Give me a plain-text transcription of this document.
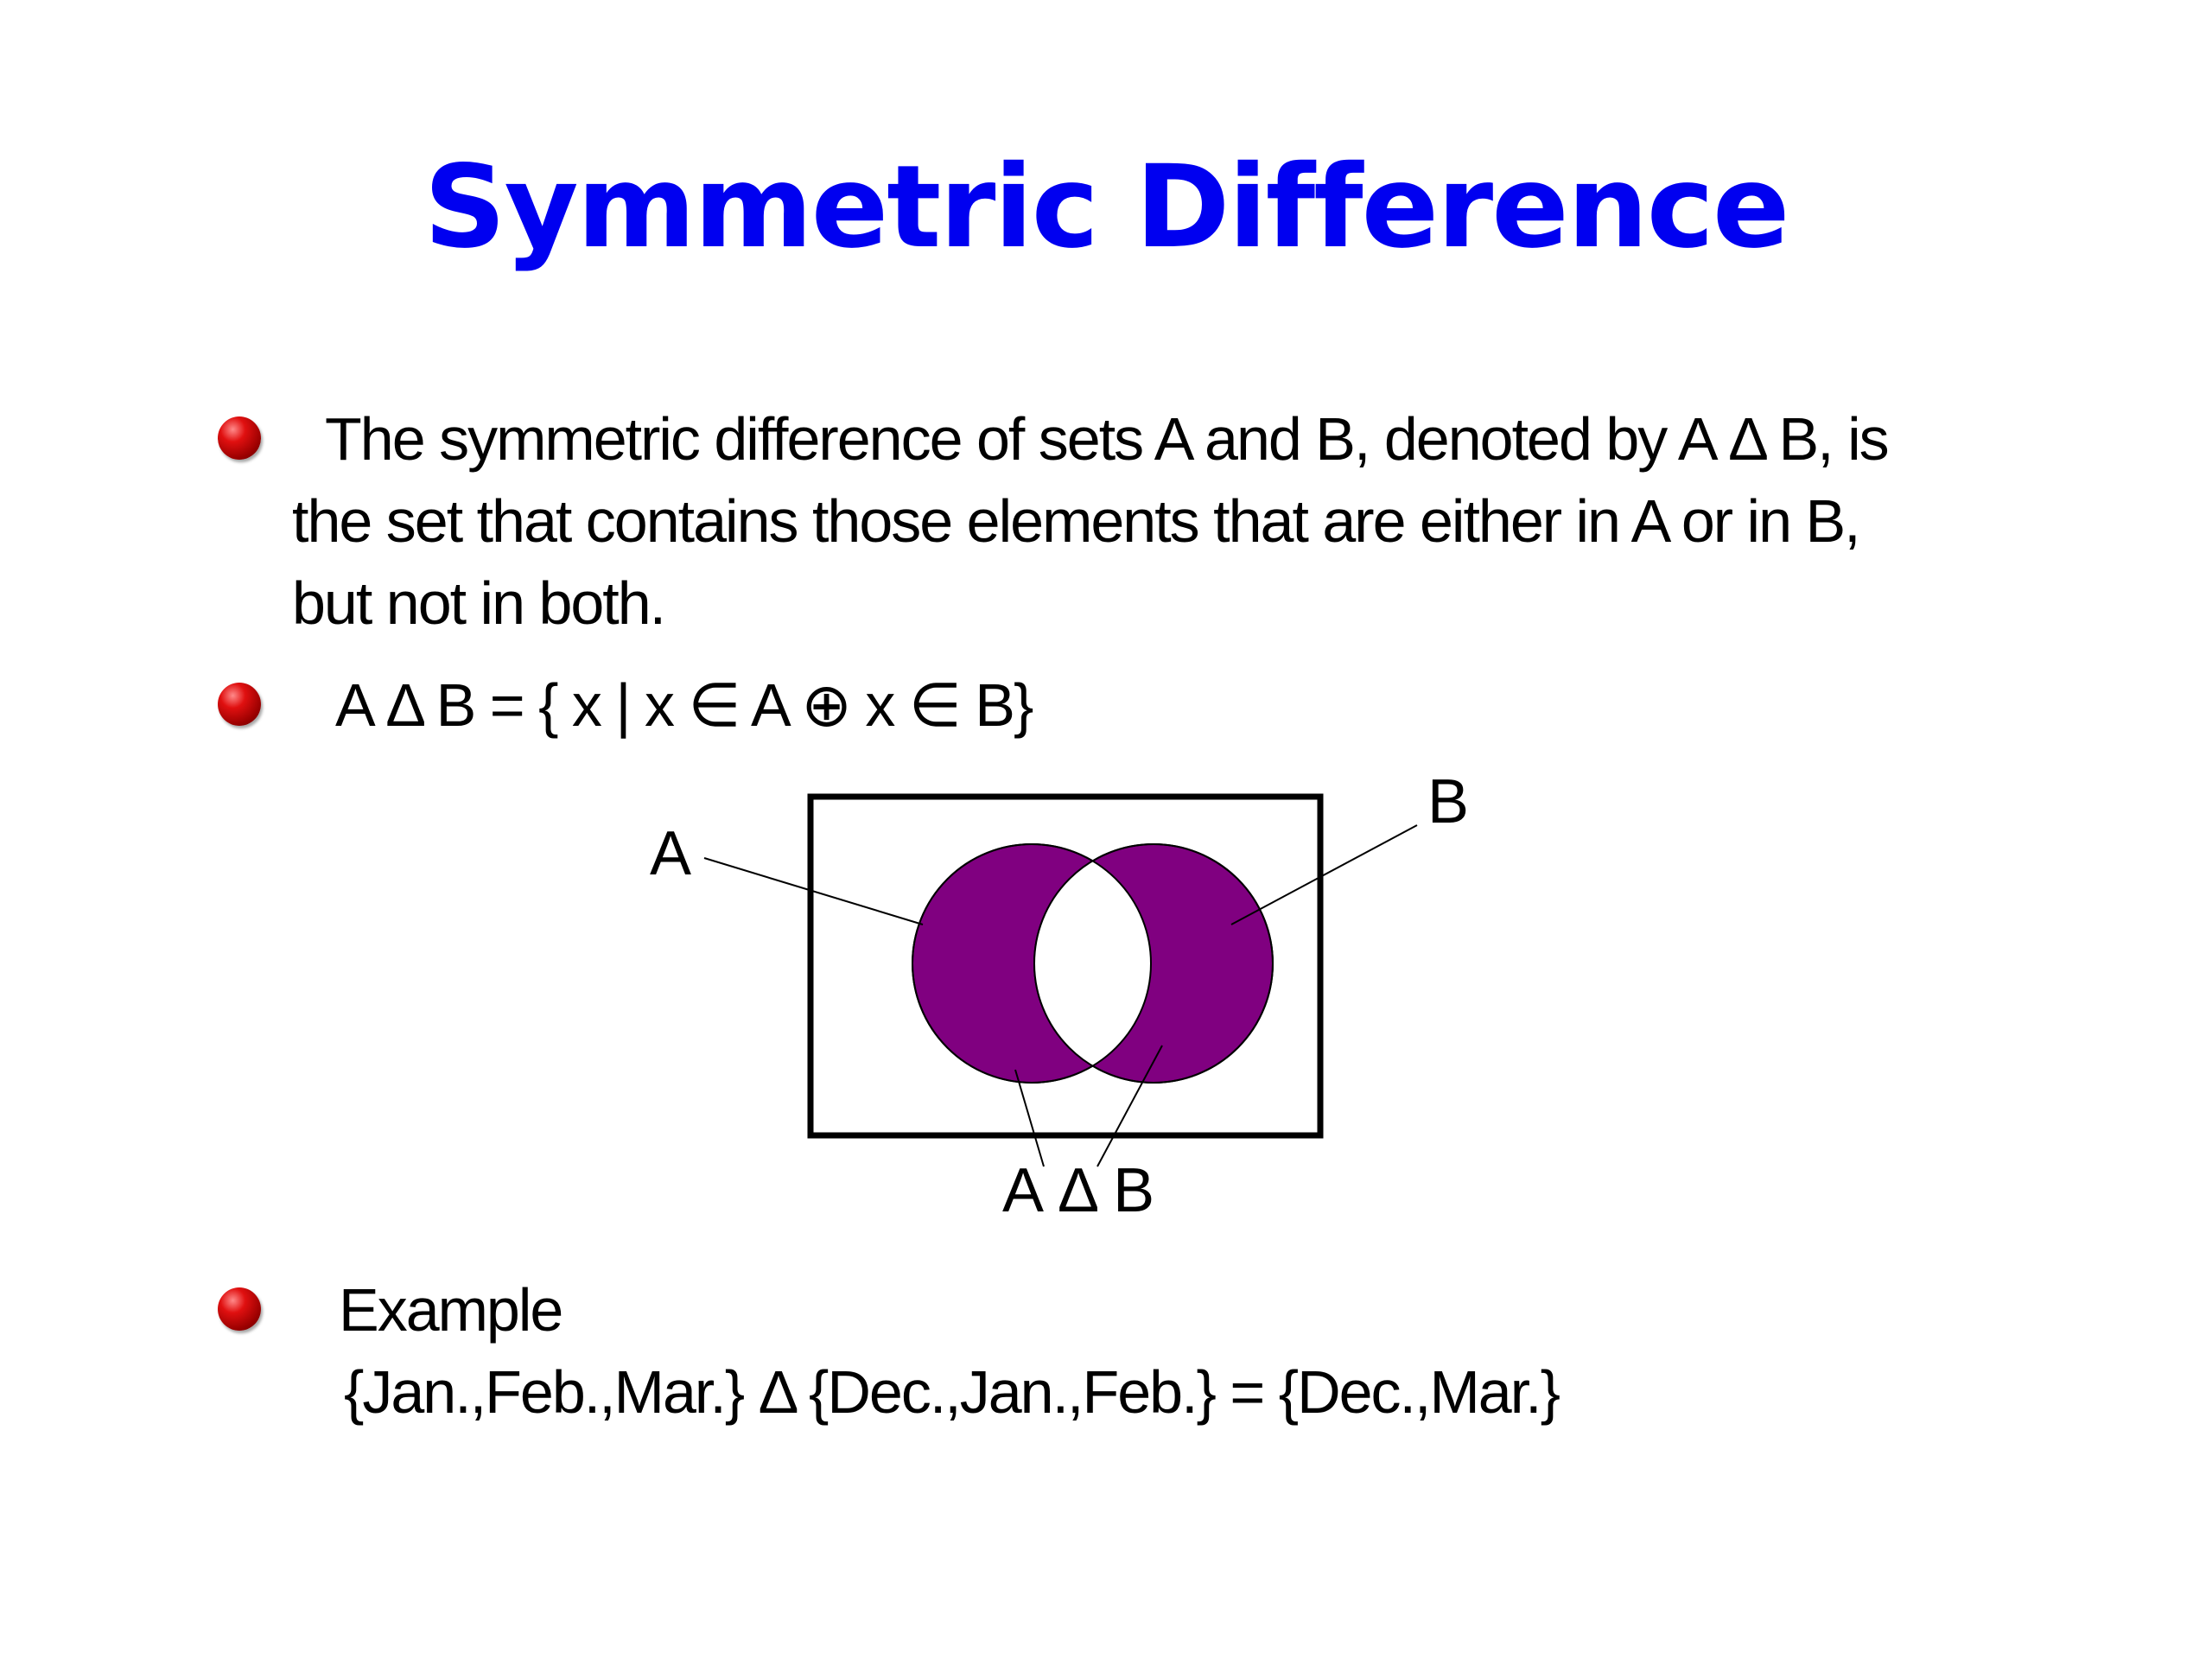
Symmetric Difference
The symmetric difference of sets A and B, denoted by A Δ B, is
the set that contains those elements that are either in A or in B,
but not in both.
A Δ B = { x | x ∈ A ⊕ x ∈ B}
A
B
A Δ B
Example
{Jan.,Feb.,Mar.} Δ {Dec.,Jan.,Feb.} = {Dec.,Mar.}
